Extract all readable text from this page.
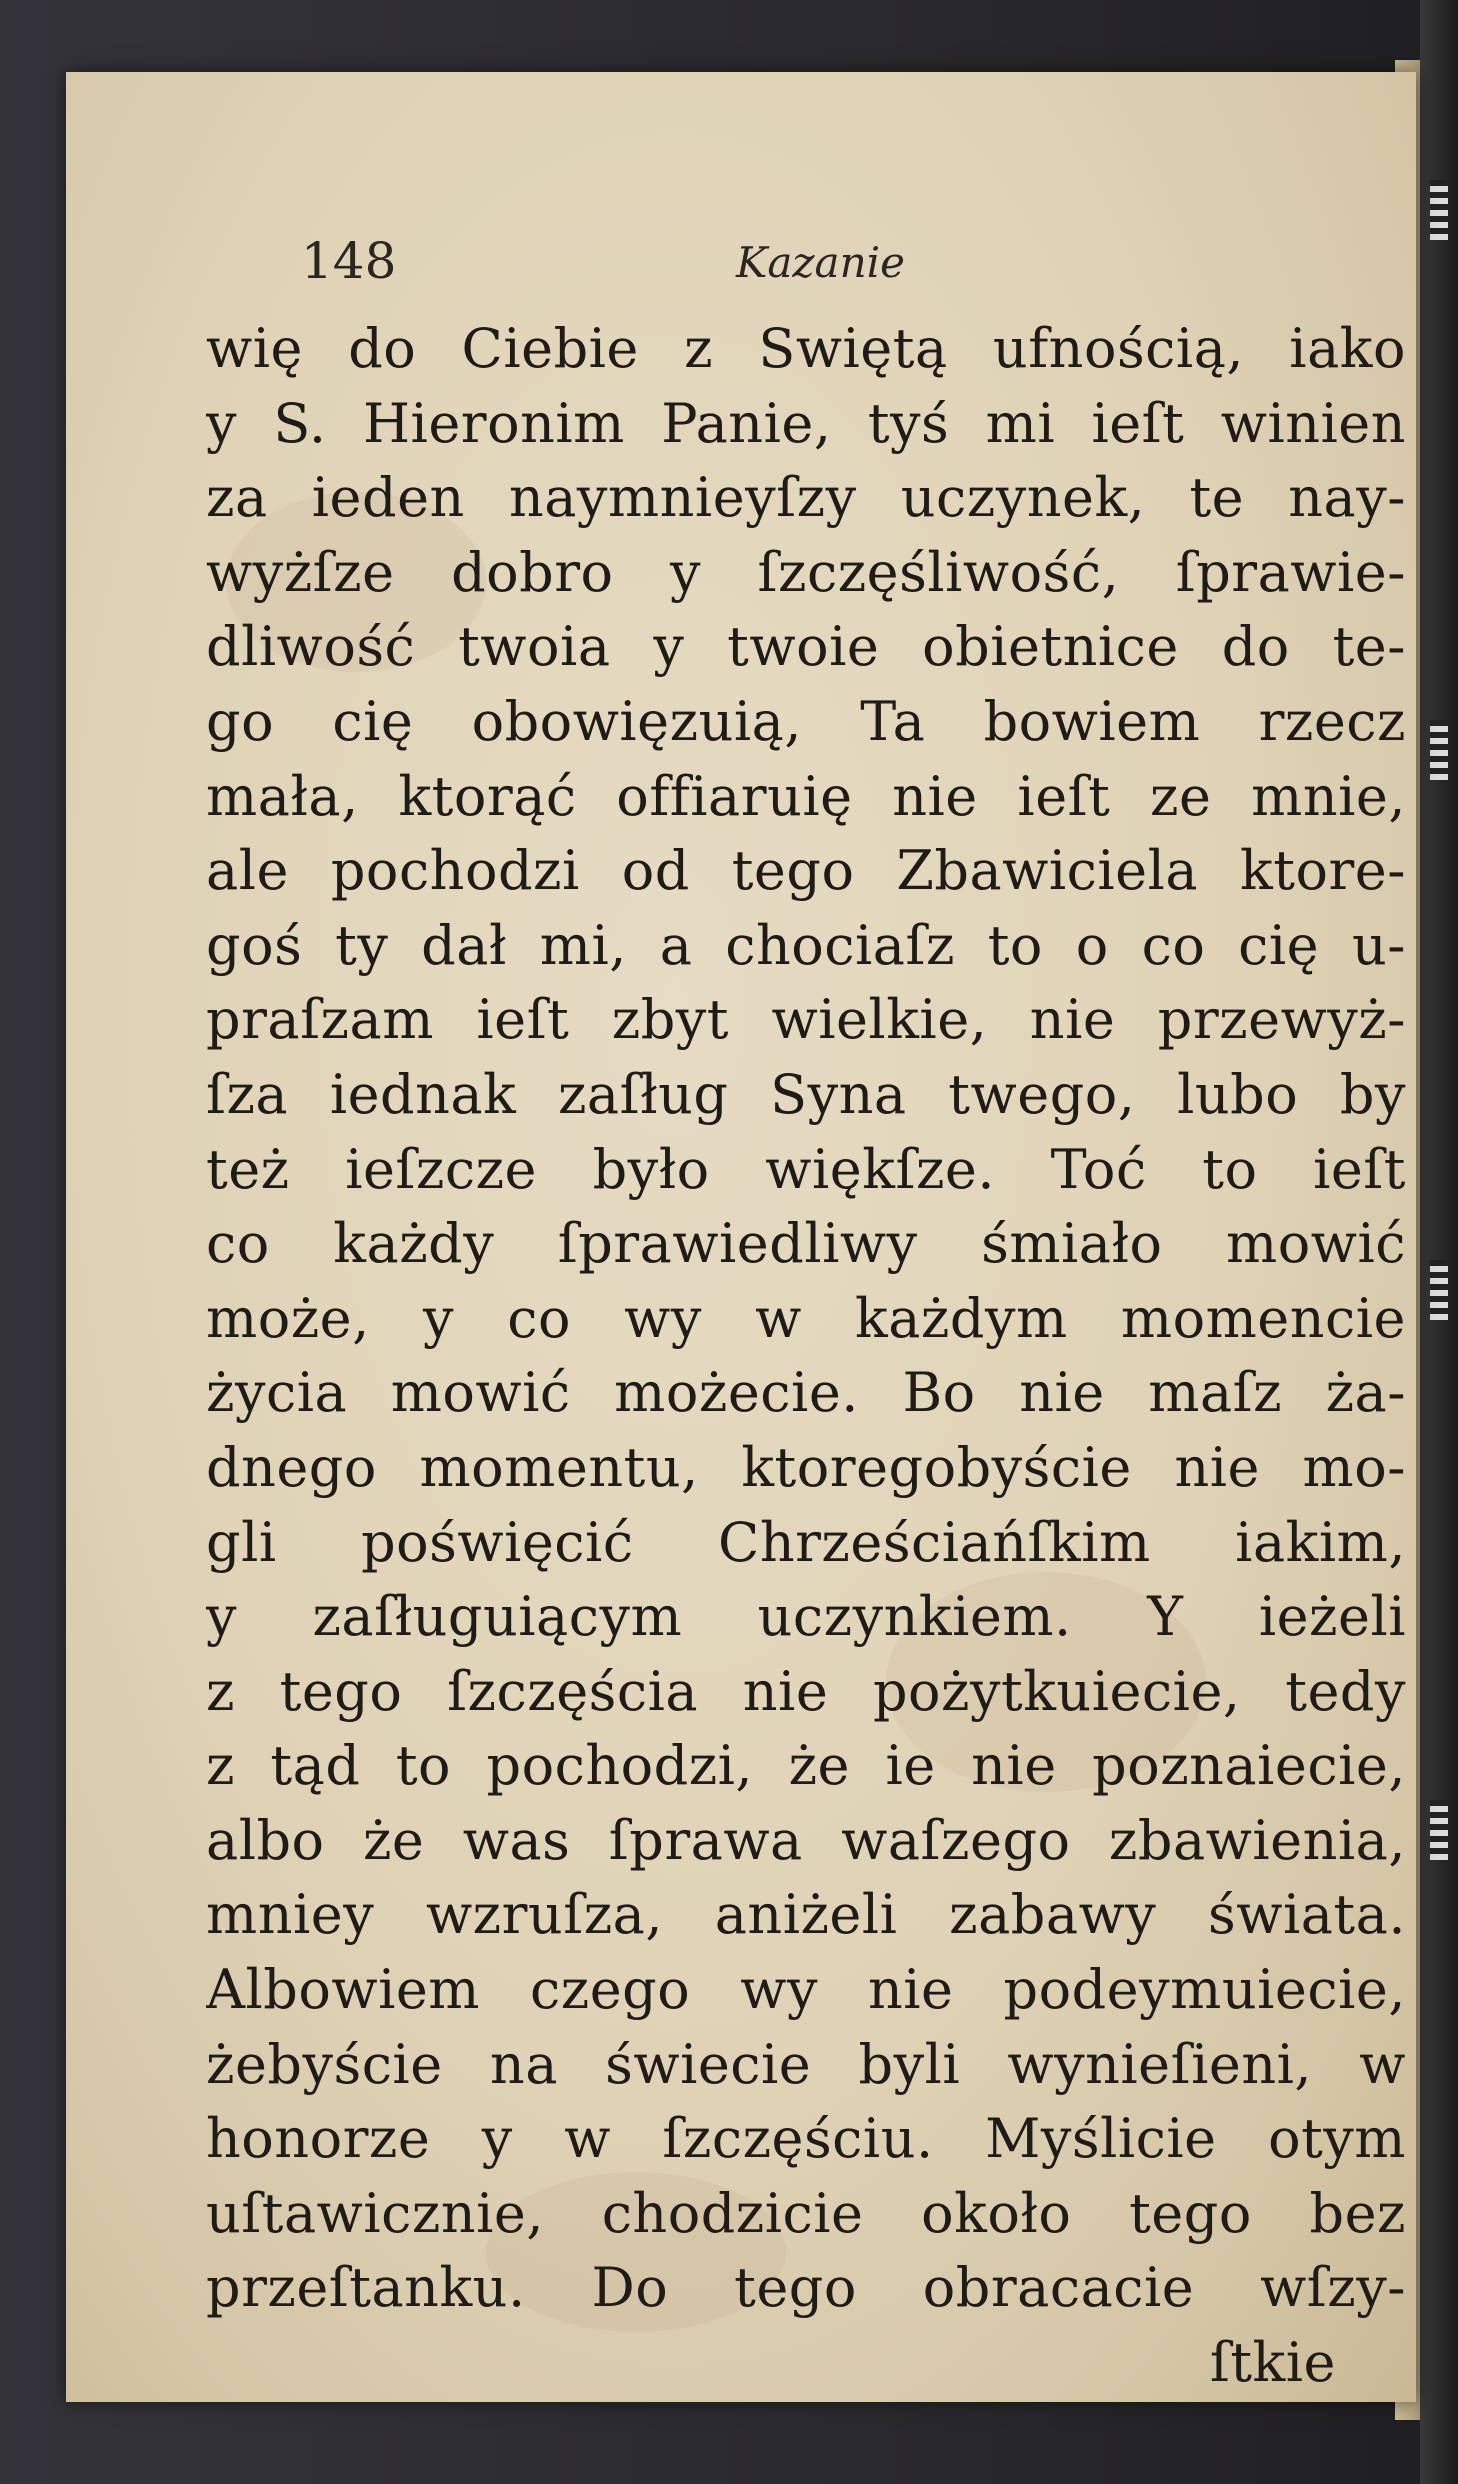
148	Kazanie
wię do Ciebie z Swiętą ufnością, iako
y S. Hieronim Panie, tyś mi ieſt winien
za ieden naymnieyſzy uczynek, te nay-
wyżſze dobro y ſzczęśliwość, ſprawie-
dliwość twoia y twoie obietnice do te-
go cię obowięzuią, Ta bowiem rzecz
mała, ktorąć offiaruię nie ieſt ze mnie,
ale pochodzi od tego Zbawiciela ktore-
goś ty dał mi, a chociaſz to o co cię u-
praſzam ieſt zbyt wielkie, nie przewyż-
ſza iednak zaſług Syna twego, lubo by
też ieſzcze było więkſze. Toć to ieſt
co każdy ſprawiedliwy śmiało mowić
może, y co wy w każdym momencie
życia mowić możecie. Bo nie maſz ża-
dnego momentu, ktoregobyście nie mo-
gli poświęcić Chrześciańſkim iakim,
y zaſługuiącym uczynkiem. Y ieżeli
z tego ſzczęścia nie pożytkuiecie, tedy
z tąd to pochodzi, że ie nie poznaiecie,
albo że was ſprawa waſzego zbawienia,
mniey wzruſza, aniżeli zabawy świata.
Albowiem czego wy nie podeymuiecie,
żebyście na świecie byli wynieſieni, w
honorze y w ſzczęściu. Myślicie otym
uſtawicznie, chodzicie około tego bez
przeſtanku. Do tego obracacie wſzy-
ſtkie
